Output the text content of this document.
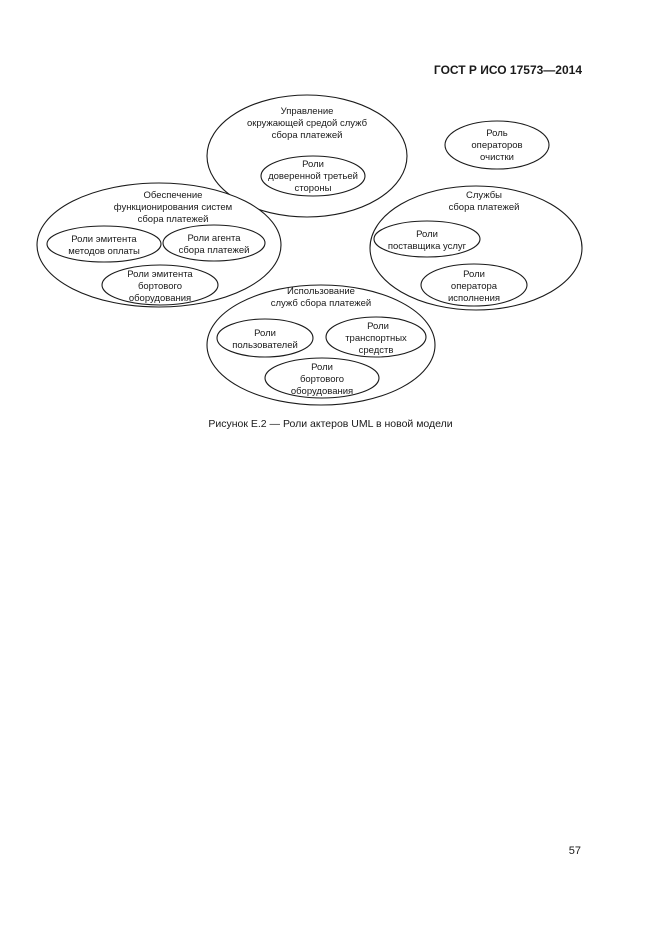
ГОСТ Р ИСО 17573—2014
Управление
окружающей средой служб
сбора платежей
Роли
доверенной третьей
стороны
Роль
операторов
очистки
Обеспечение
функционирования систем
сбора платежей
Роли эмитента
методов оплаты
Роли агента
сбора платежей
Роли эмитента
бортового
оборудования
Службы
сбора платежей
Роли
поставщика услуг
Роли
оператора
исполнения
Использование
служб сбора платежей
Роли
пользователей
Роли
транспортных
средств
Роли
бортового
оборудования
Рисунок Е.2 — Роли актеров UML в новой модели
57
